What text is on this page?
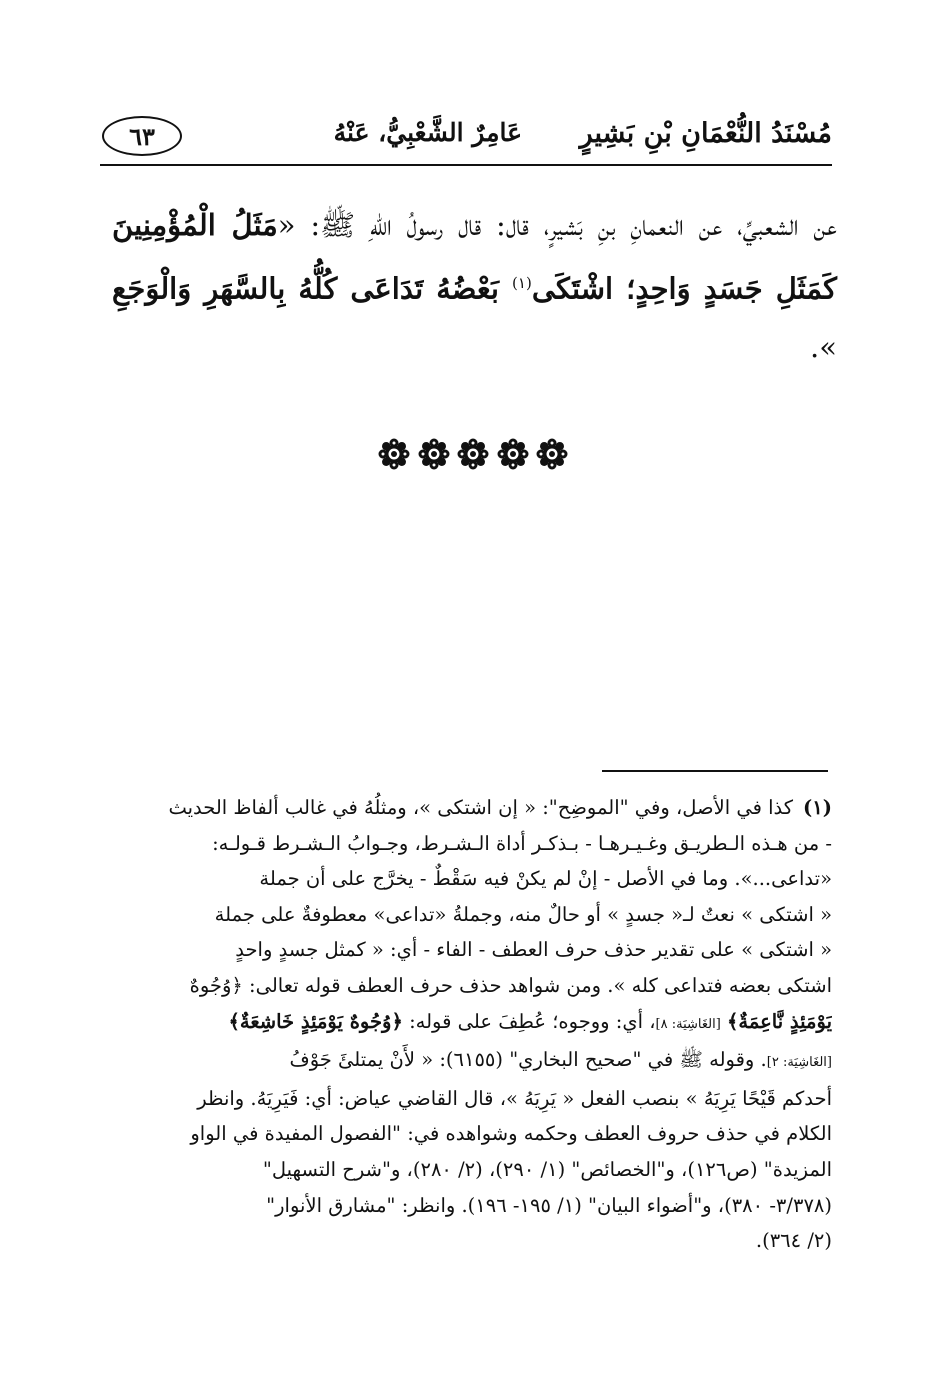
مُسْنَدُ النُّعْمَانِ بْنِ بَشِيرٍ
عَامِرٌ الشَّعْبِيُّ، عَنْهُ
٦٣
عن الشعبيِّ، عن النعمانِ بنِ بَشيرٍ، قال: قال رسولُ اللهِ ﷺ: «مَثَلُ الْمُؤْمِنِينَ كَمَثَلِ جَسَدٍ وَاحِدٍ؛ اشْتَكَى$^{(١)}$ بَعْضُهُ تَدَاعَى كُلُّهُ بِالسَّهَرِ وَالْوَجَعِ ».
(١)كذا في الأصل، وفي "الموضِح": « إن اشتكى »، ومثلُهُ في غالب ألفاظ الحديث
- من هـذه الـطريـق وغـيـرهـا - بـذكـر أداة الـشـرط، وجـوابُ الـشـرط قـولـه:
«تداعى...». وما في الأصل - إنْ لم يكنْ فيه سَقْطٌ - يخرَّج على أن جملة
« اشتكى » نعتٌ لـ« جسدٍ » أو حالٌ منه، وجملةُ «تداعى» معطوفةٌ على جملة
« اشتكى » على تقدير حذف حرف العطف - الفاء - أي: « كمثل جسدٍ واحدٍ
اشتكى بعضه فتداعى كله ». ومن شواهد حذف حرف العطف قوله تعالى: ﴿وُجُوهٌ
يَوْمَئِذٍ نَّاعِمَةٌ﴾ [الغَاشِيَة: ٨]، أي: ووجوه؛ عُطِفَ على قوله: ﴿وُجُوهٌ يَوْمَئِذٍ خَاشِعَةٌ﴾
[الغَاشِيَة: ٢]. وقوله ﷺ في "صحيح البخاري" (٦١٥٥): « لأَنْ يمتلئَ جَوْفُ
أحدكم قَيْحًا يَرِيَهُ » بنصب الفعل « يَرِيَهُ »، قال القاضي عياض: أي: فَيَرِيَهُ. وانظر
الكلام في حذف حروف العطف وحكمه وشواهده في: "الفصول المفيدة في الواو
المزيدة" (ص١٢٦)، و"الخصائص" (١/ ٢٩٠)، (٢/ ٢٨٠)، و"شرح التسهيل"
(٣/٣٧٨- ٣٨٠)، و"أضواء البيان" (١/ ١٩٥- ١٩٦). وانظر: "مشارق الأنوار"
(٢/ ٣٦٤).
